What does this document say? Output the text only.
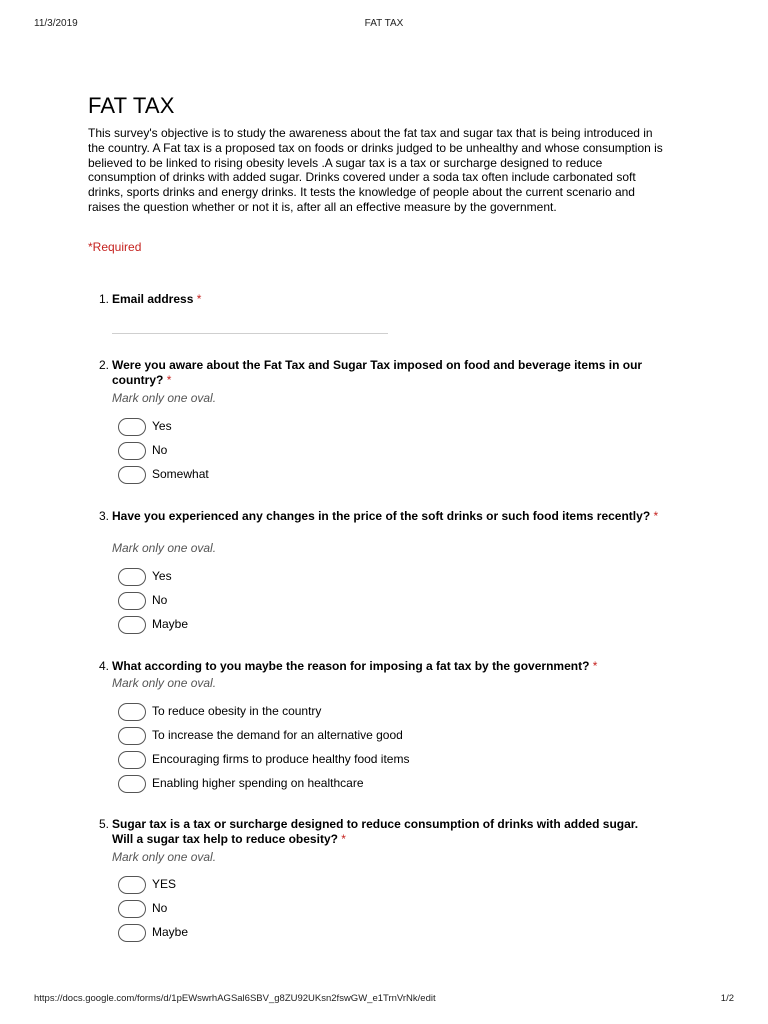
11/3/2019	FAT TAX
FAT TAX

This survey's objective is to study the awareness about the fat tax and sugar tax that is being introduced in the country. A Fat tax is a proposed tax on foods or drinks judged to be unhealthy and whose consumption is believed to be linked to rising obesity levels .A sugar tax is a tax or surcharge designed to reduce consumption of drinks with added sugar. Drinks covered under a soda tax often include carbonated soft drinks, sports drinks and energy drinks. It tests the knowledge of people about the current scenario and raises the question whether or not it is, after all an effective measure by the government.

*Required
1. Email address *
2. Were you aware about the Fat Tax and Sugar Tax imposed on food and beverage items in our country? *
Mark only one oval.
Yes
No
Somewhat
3. Have you experienced any changes in the price of the soft drinks or such food items recently? *
Mark only one oval.
Yes
No
Maybe
4. What according to you maybe the reason for imposing a fat tax by the government? *
Mark only one oval.
To reduce obesity in the country
To increase the demand for an alternative good
Encouraging firms to produce healthy food items
Enabling higher spending on healthcare
5. Sugar tax is a tax or surcharge designed to reduce consumption of drinks with added sugar.
Will a sugar tax help to reduce obesity? *
Mark only one oval.
YES
No
Maybe
https://docs.google.com/forms/d/1pEWswrhAGSal6SBV_g8ZU92UKsn2fswGW_e1TrnVrNk/edit	1/2
